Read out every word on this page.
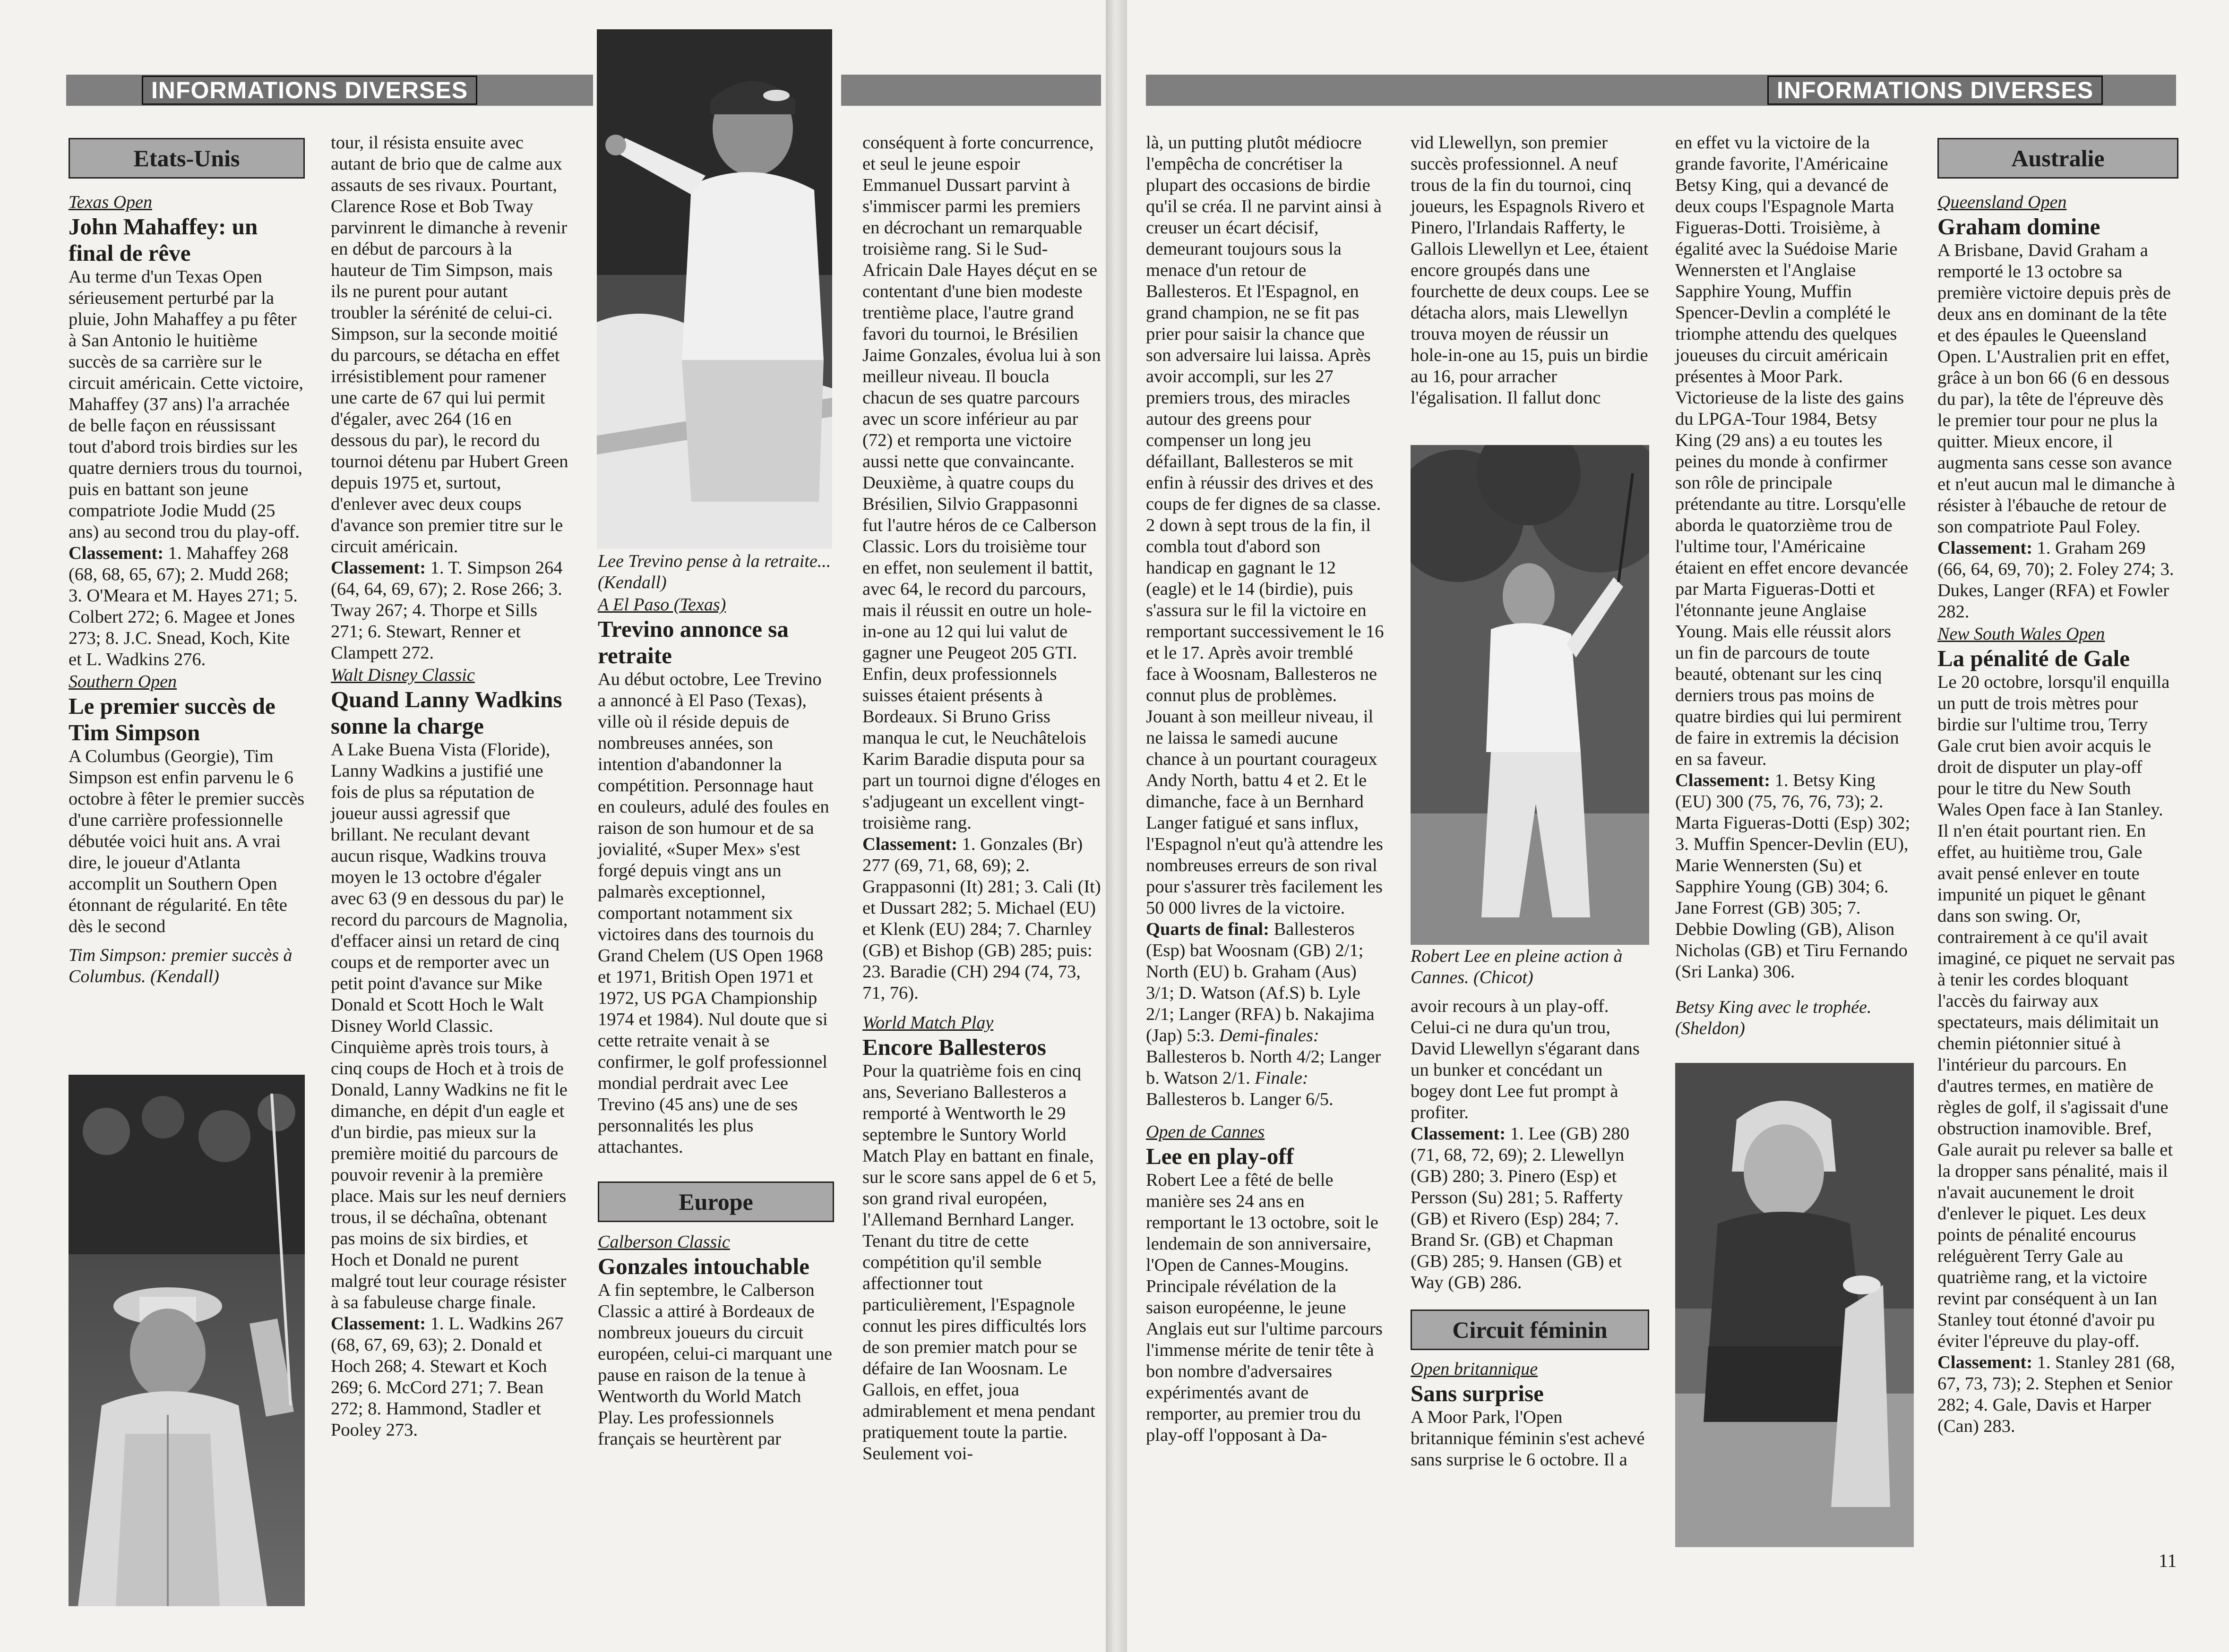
INFORMATIONS DIVERSES	INFORMATIONS DIVERSES
Etats-Unis

Texas Open

John Mahaffey: un final de rêve

Au terme d'un Texas Open sérieusement perturbé par la pluie, John Mahaffey a pu fêter à San Antonio le huitième succès de sa carrière sur le circuit américain. Cette victoire, Mahaffey (37 ans) l'a arrachée de belle façon en réussissant tout d'abord trois birdies sur les quatre derniers trous du tournoi, puis en battant son jeune compatriote Jodie Mudd (25 ans) au second trou du play-off.

Classement: 1. Mahaffey 268 (68, 68, 65, 67); 2. Mudd 268; 3. O'Meara et M. Hayes 271; 5. Colbert 272; 6. Magee et Jones 273; 8. J.C. Snead, Koch, Kite et L. Wadkins 276.

Southern Open

Le premier succès de Tim Simpson

A Columbus (Georgie), Tim Simpson est enfin parvenu le 6 octobre à fêter le premier succès d'une carrière professionnelle débutée voici huit ans. A vrai dire, le joueur d'Atlanta accomplit un Southern Open étonnant de régularité. En tête dès le second

Tim Simpson: premier succès à Columbus. (Kendall)

tour, il résista ensuite avec autant de brio que de calme aux assauts de ses rivaux. Pourtant, Clarence Rose et Bob Tway parvinrent le dimanche à revenir en début de parcours à la hauteur de Tim Simpson, mais ils ne purent pour autant troubler la sérénité de celui-ci. Simpson, sur la seconde moitié du parcours, se détacha en effet irrésistiblement pour ramener une carte de 67 qui lui permit d'égaler, avec 264 (16 en dessous du par), le record du tournoi détenu par Hubert Green depuis 1975 et, surtout, d'enlever avec deux coups d'avance son premier titre sur le circuit américain.

Classement: 1. T. Simpson 264 (64, 64, 69, 67); 2. Rose 266; 3. Tway 267; 4. Thorpe et Sills 271; 6. Stewart, Renner et Clampett 272.

Walt Disney Classic

Quand Lanny Wadkins sonne la charge

A Lake Buena Vista (Floride), Lanny Wadkins a justifié une fois de plus sa réputation de joueur aussi agressif que brillant. Ne reculant devant aucun risque, Wadkins trouva moyen le 13 octobre d'égaler avec 63 (9 en dessous du par) le record du parcours de Magnolia, d'effacer ainsi un retard de cinq coups et de remporter avec un petit point d'avance sur Mike Donald et Scott Hoch le Walt Disney World Classic. Cinquième après trois tours, à cinq coups de Hoch et à trois de Donald, Lanny Wadkins ne fit le dimanche, en dépit d'un eagle et d'un birdie, pas mieux sur la première moitié du parcours de pouvoir revenir à la première place. Mais sur les neuf derniers trous, il se déchaîna, obtenant pas moins de six birdies, et Hoch et Donald ne purent malgré tout leur courage résister à sa fabuleuse charge finale.

Classement: 1. L. Wadkins 267 (68, 67, 69, 63); 2. Donald et Hoch 268; 4. Stewart et Koch 269; 6. McCord 271; 7. Bean 272; 8. Hammond, Stadler et Pooley 273.

Lee Trevino pense à la retraite... (Kendall)

A El Paso (Texas)

Trevino annonce sa retraite

Au début octobre, Lee Trevino a annoncé à El Paso (Texas), ville où il réside depuis de nombreuses années, son intention d'abandonner la compétition. Personnage haut en couleurs, adulé des foules en raison de son humour et de sa jovialité, «Super Mex» s'est forgé depuis vingt ans un palmarès exceptionnel, comportant notamment six victoires dans des tournois du Grand Chelem (US Open 1968 et 1971, British Open 1971 et 1972, US PGA Championship 1974 et 1984). Nul doute que si cette retraite venait à se confirmer, le golf professionnel mondial perdrait avec Lee Trevino (45 ans) une de ses personnalités les plus attachantes.

Europe

Calberson Classic

Gonzales intouchable

A fin septembre, le Calberson Classic a attiré à Bordeaux de nombreux joueurs du circuit européen, celui-ci marquant une pause en raison de la tenue à Wentworth du World Match Play. Les professionnels français se heurtèrent par

conséquent à forte concurrence, et seul le jeune espoir Emmanuel Dussart parvint à s'immiscer parmi les premiers en décrochant un remarquable troisième rang. Si le Sud-Africain Dale Hayes déçut en se contentant d'une bien modeste trentième place, l'autre grand favori du tournoi, le Brésilien Jaime Gonzales, évolua lui à son meilleur niveau. Il boucla chacun de ses quatre parcours avec un score inférieur au par (72) et remporta une victoire aussi nette que convaincante. Deuxième, à quatre coups du Brésilien, Silvio Grappasonni fut l'autre héros de ce Calberson Classic. Lors du troisième tour en effet, non seulement il battit, avec 64, le record du parcours, mais il réussit en outre un hole-in-one au 12 qui lui valut de gagner une Peugeot 205 GTI. Enfin, deux professionnels suisses étaient présents à Bordeaux. Si Bruno Griss manqua le cut, le Neuchâtelois Karim Baradie disputa pour sa part un tournoi digne d'éloges en s'adjugeant un excellent vingt-troisième rang.

Classement: 1. Gonzales (Br) 277 (69, 71, 68, 69); 2. Grappasonni (It) 281; 3. Cali (It) et Dussart 282; 5. Michael (EU) et Klenk (EU) 284; 7. Charnley (GB) et Bishop (GB) 285; puis: 23. Baradie (CH) 294 (74, 73, 71, 76).

World Match Play

Encore Ballesteros

Pour la quatrième fois en cinq ans, Severiano Ballesteros a remporté à Wentworth le 29 septembre le Suntory World Match Play en battant en finale, sur le score sans appel de 6 et 5, son grand rival européen, l'Allemand Bernhard Langer. Tenant du titre de cette compétition qu'il semble affectionner tout particulièrement, l'Espagnole connut les pires difficultés lors de son premier match pour se défaire de Ian Woosnam. Le Gallois, en effet, joua admirablement et mena pendant pratiquement toute la partie. Seulement voi-

là, un putting plutôt médiocre l'empêcha de concrétiser la plupart des occasions de birdie qu'il se créa. Il ne parvint ainsi à creuser un écart décisif, demeurant toujours sous la menace d'un retour de Ballesteros. Et l'Espagnol, en grand champion, ne se fit pas prier pour saisir la chance que son adversaire lui laissa. Après avoir accompli, sur les 27 premiers trous, des miracles autour des greens pour compenser un long jeu défaillant, Ballesteros se mit enfin à réussir des drives et des coups de fer dignes de sa classe. 2 down à sept trous de la fin, il combla tout d'abord son handicap en gagnant le 12 (eagle) et le 14 (birdie), puis s'assura sur le fil la victoire en remportant successivement le 16 et le 17. Après avoir tremblé face à Woosnam, Ballesteros ne connut plus de problèmes. Jouant à son meilleur niveau, il ne laissa le samedi aucune chance à un pourtant courageux Andy North, battu 4 et 2. Et le dimanche, face à un Bernhard Langer fatigué et sans influx, l'Espagnol n'eut qu'à attendre les nombreuses erreurs de son rival pour s'assurer très facilement les 50 000 livres de la victoire.

Quarts de final: Ballesteros (Esp) bat Woosnam (GB) 2/1; North (EU) b. Graham (Aus) 3/1; D. Watson (Af.S) b. Lyle 2/1; Langer (RFA) b. Nakajima (Jap) 5:3. Demi-finales: Ballesteros b. North 4/2; Langer b. Watson 2/1. Finale: Ballesteros b. Langer 6/5.

Open de Cannes

Lee en play-off

Robert Lee a fêté de belle manière ses 24 ans en remportant le 13 octobre, soit le lendemain de son anniversaire, l'Open de Cannes-Mougins. Principale révélation de la saison européenne, le jeune Anglais eut sur l'ultime parcours l'immense mérite de tenir tête à bon nombre d'adversaires expérimentés avant de remporter, au premier trou du play-off l'opposant à Da-

vid Llewellyn, son premier succès professionnel. A neuf trous de la fin du tournoi, cinq joueurs, les Espagnols Rivero et Pinero, l'Irlandais Rafferty, le Gallois Llewellyn et Lee, étaient encore groupés dans une fourchette de deux coups. Lee se détacha alors, mais Llewellyn trouva moyen de réussir un hole-in-one au 15, puis un birdie au 16, pour arracher l'égalisation. Il fallut donc

Robert Lee en pleine action à Cannes. (Chicot)

avoir recours à un play-off. Celui-ci ne dura qu'un trou, David Llewellyn s'égarant dans un bunker et concédant un bogey dont Lee fut prompt à profiter.

Classement: 1. Lee (GB) 280 (71, 68, 72, 69); 2. Llewellyn (GB) 280; 3. Pinero (Esp) et Persson (Su) 281; 5. Rafferty (GB) et Rivero (Esp) 284; 7. Brand Sr. (GB) et Chapman (GB) 285; 9. Hansen (GB) et Way (GB) 286.

Circuit féminin

Open britannique

Sans surprise

A Moor Park, l'Open britannique féminin s'est achevé sans surprise le 6 octobre. Il a

en effet vu la victoire de la grande favorite, l'Américaine Betsy King, qui a devancé de deux coups l'Espagnole Marta Figueras-Dotti. Troisième, à égalité avec la Suédoise Marie Wennersten et l'Anglaise Sapphire Young, Muffin Spencer-Devlin a complété le triomphe attendu des quelques joueuses du circuit américain présentes à Moor Park. Victorieuse de la liste des gains du LPGA-Tour 1984, Betsy King (29 ans) a eu toutes les peines du monde à confirmer son rôle de principale prétendante au titre. Lorsqu'elle aborda le quatorzième trou de l'ultime tour, l'Américaine étaient en effet encore devancée par Marta Figueras-Dotti et l'étonnante jeune Anglaise Young. Mais elle réussit alors un fin de parcours de toute beauté, obtenant sur les cinq derniers trous pas moins de quatre birdies qui lui permirent de faire in extremis la décision en sa faveur.

Classement: 1. Betsy King (EU) 300 (75, 76, 76, 73); 2. Marta Figueras-Dotti (Esp) 302; 3. Muffin Spencer-Devlin (EU), Marie Wennersten (Su) et Sapphire Young (GB) 304; 6. Jane Forrest (GB) 305; 7. Debbie Dowling (GB), Alison Nicholas (GB) et Tiru Fernando (Sri Lanka) 306.

Betsy King avec le trophée. (Sheldon)

Australie

Queensland Open

Graham domine

A Brisbane, David Graham a remporté le 13 octobre sa première victoire depuis près de deux ans en dominant de la tête et des épaules le Queensland Open. L'Australien prit en effet, grâce à un bon 66 (6 en dessous du par), la tête de l'épreuve dès le premier tour pour ne plus la quitter. Mieux encore, il augmenta sans cesse son avance et n'eut aucun mal le dimanche à résister à l'ébauche de retour de son compatriote Paul Foley.

Classement: 1. Graham 269 (66, 64, 69, 70); 2. Foley 274; 3. Dukes, Langer (RFA) et Fowler 282.

New South Wales Open

La pénalité de Gale

Le 20 octobre, lorsqu'il enquilla un putt de trois mètres pour birdie sur l'ultime trou, Terry Gale crut bien avoir acquis le droit de disputer un play-off pour le titre du New South Wales Open face à Ian Stanley. Il n'en était pourtant rien. En effet, au huitième trou, Gale avait pensé enlever en toute impunité un piquet le gênant dans son swing. Or, contrairement à ce qu'il avait imaginé, ce piquet ne servait pas à tenir les cordes bloquant l'accès du fairway aux spectateurs, mais délimitait un chemin piétonnier situé à l'intérieur du parcours. En d'autres termes, en matière de règles de golf, il s'agissait d'une obstruction inamovible. Bref, Gale aurait pu relever sa balle et la dropper sans pénalité, mais il n'avait aucunement le droit d'enlever le piquet. Les deux points de pénalité encourus reléguèrent Terry Gale au quatrième rang, et la victoire revint par conséquent à un Ian Stanley tout étonné d'avoir pu éviter l'épreuve du play-off.

Classement: 1. Stanley 281 (68, 67, 73, 73); 2. Stephen et Senior 282; 4. Gale, Davis et Harper (Can) 283.

11
